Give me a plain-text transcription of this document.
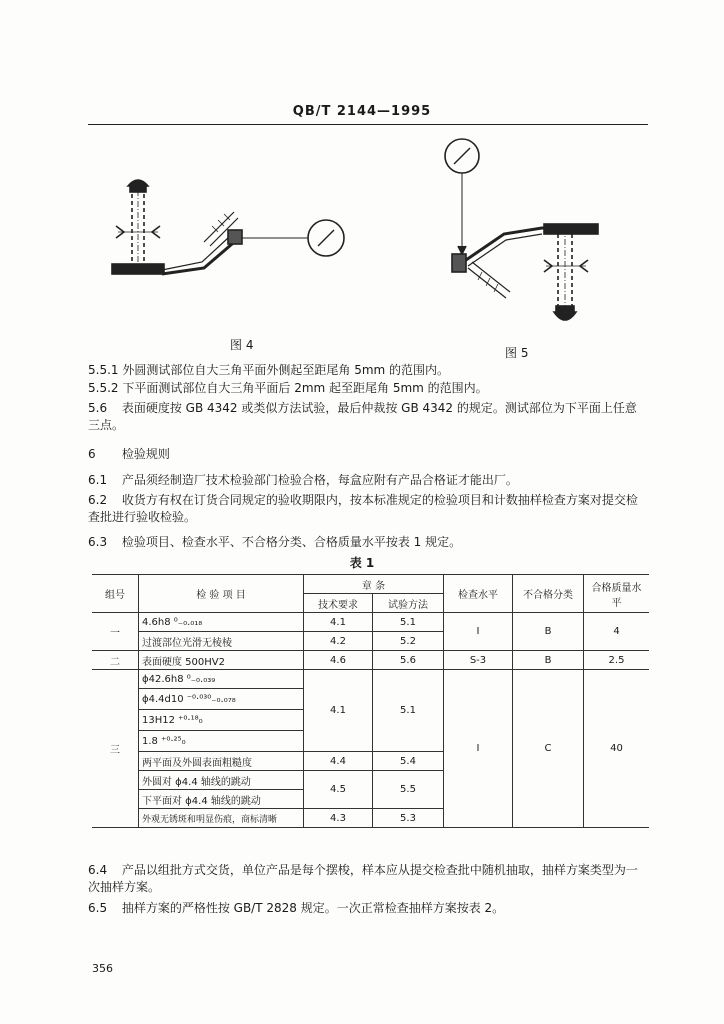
QB/T 2144—1995
图 4
图 5
5.5.1 外圆测试部位自大三角平面外侧起至距尾角 5mm 的范围内。
5.5.2 下平面测试部位自大三角平面后 2mm 起至距尾角 5mm 的范围内。
5.6 表面硬度按 GB 4342 或类似方法试验，最后仲裁按 GB 4342 的规定。测试部位为下平面上任意三点。
6 检验规则
6.1 产品须经制造厂技术检验部门检验合格，每盒应附有产品合格证才能出厂。
6.2 收货方有权在订货合同规定的验收期限内，按本标准规定的检验项目和计数抽样检查方案对提交检查批进行验收检验。
6.3 检验项目、检查水平、不合格分类、合格质量水平按表 1 规定。
表 1
组号	检 验 项 目	章 条		检查水平	不合格分类	合格质量水平
		技术要求	试验方法			
一	4.6h8 ⁰₋₀.₀₁₈	4.1	5.1	I	B	4
	过渡部位光滑无棱棱	4.2	5.2			
二	表面硬度 500HV2	4.6	5.6	S-3	B	2.5
三	ϕ42.6h8 ⁰₋₀.₀₃₉	4.1	5.1	I	C	40
	ϕ4.4d10 ⁻⁰·⁰³⁰₋₀.₀₇₈					
	13H12 ⁺⁰·¹⁸₀					
	1.8 ⁺⁰·²⁵₀					
	两平面及外圆表面粗糙度	4.4	5.4			
	外圆对 ϕ4.4 轴线的跳动	4.5	5.5			
	下平面对 ϕ4.4 轴线的跳动					
	外观无锈斑和明显伤痕，商标清晰	4.3	5.3			
6.4 产品以组批方式交货，单位产品是每个摆梭，样本应从提交检查批中随机抽取，抽样方案类型为一次抽样方案。
6.5 抽样方案的严格性按 GB/T 2828 规定。一次正常检查抽样方案按表 2。
356
